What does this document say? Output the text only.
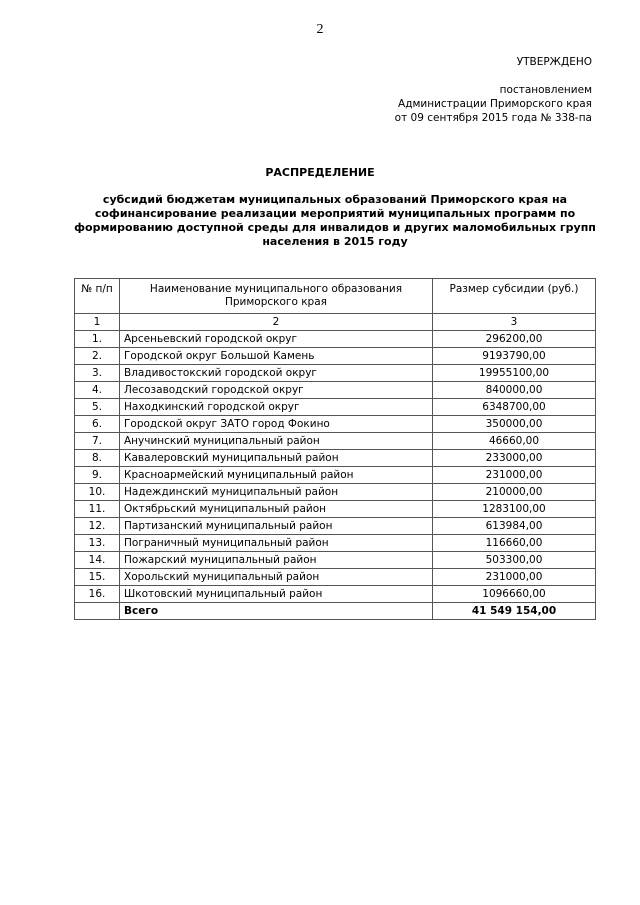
2
УТВЕРЖДЕНО
постановлением
Администрации Приморского края
от 09 сентября 2015 года № 338-па
РАСПРЕДЕЛЕНИЕ
субсидий бюджетам муниципальных образований Приморского края на софинансирование реализации мероприятий муниципальных программ по формированию доступной среды для инвалидов и других маломобильных групп населения в 2015 году
№ п/п	Наименование муниципального образования Приморского края	Размер субсидии (руб.)
1	2	3
1.	Арсеньевский городской округ	296200,00
2.	Городской округ Большой Камень	9193790,00
3.	Владивостокский городской округ	19955100,00
4.	Лесозаводский городской округ	840000,00
5.	Находкинский городской округ	6348700,00
6.	Городской округ ЗАТО город Фокино	350000,00
7.	Анучинский муниципальный район	46660,00
8.	Кавалеровский муниципальный район	233000,00
9.	Красноармейский муниципальный район	231000,00
10.	Надеждинский муниципальный район	210000,00
11.	Октябрьский муниципальный район	1283100,00
12.	Партизанский муниципальный район	613984,00
13.	Пограничный муниципальный район	116660,00
14.	Пожарский муниципальный район	503300,00
15.	Хорольский муниципальный район	231000,00
16.	Шкотовский муниципальный район	1096660,00
	Всего	41 549 154,00
